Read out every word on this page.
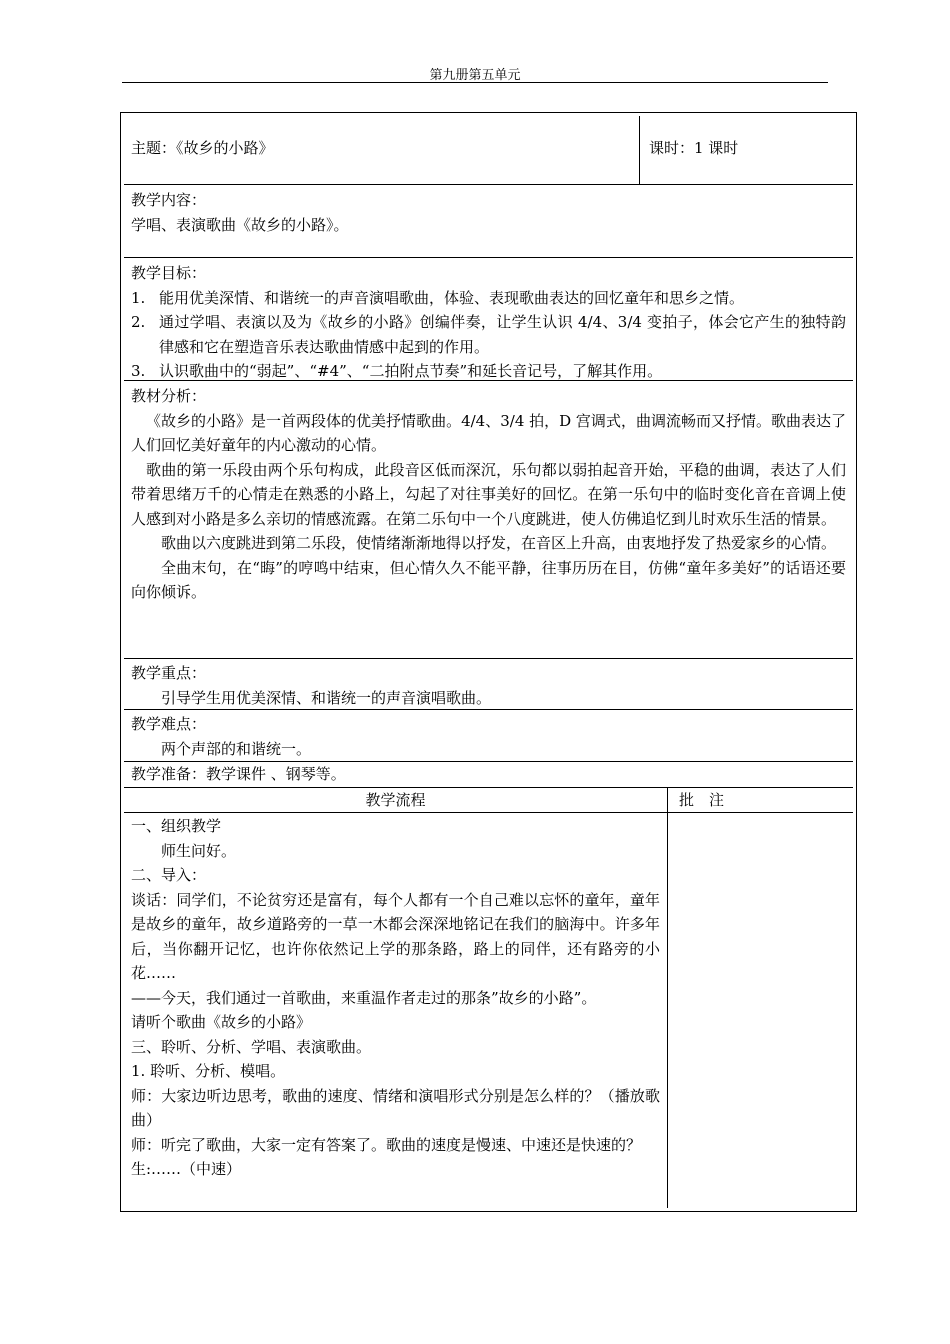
第九册第五单元
主题：《故乡的小路》	课时：1 课时
教学内容：
学唱、表演歌曲《故乡的小路》。
教学目标：
1. 能用优美深情、和谐统一的声音演唱歌曲，体验、表现歌曲表达的回忆童年和思乡之情。
2. 通过学唱、表演以及为《故乡的小路》创编伴奏，让学生认识 4/4、3/4 变拍子，体会它产生的独特韵律感和它在塑造音乐表达歌曲情感中起到的作用。
3. 认识歌曲中的“弱起”、“#4”、“二拍附点节奏”和延长音记号，了解其作用。
教材分析：
《故乡的小路》是一首两段体的优美抒情歌曲。4/4、3/4 拍，D 宫调式，曲调流畅而又抒情。歌曲表达了人们回忆美好童年的内心激动的心情。
歌曲的第一乐段由两个乐句构成，此段音区低而深沉，乐句都以弱拍起音开始，平稳的曲调，表达了人们带着思绪万千的心情走在熟悉的小路上，勾起了对往事美好的回忆。在第一乐句中的临时变化音在音调上使人感到对小路是多么亲切的情感流露。在第二乐句中一个八度跳进，使人仿佛追忆到儿时欢乐生活的情景。
歌曲以六度跳进到第二乐段，使情绪渐渐地得以抒发，在音区上升高，由衷地抒发了热爱家乡的心情。
全曲末句，在“晦”的哼鸣中结束，但心情久久不能平静，往事历历在目，仿佛“童年多美好”的话语还要向你倾诉。
教学重点：
引导学生用优美深情、和谐统一的声音演唱歌曲。
教学难点：
两个声部的和谐统一。
教学准备：教学课件 、钢琴等。
教学流程	批　注
一、组织教学
师生问好。
二、导入：
谈话：同学们，不论贫穷还是富有，每个人都有一个自己难以忘怀的童年，童年是故乡的童年，故乡道路旁的一草一木都会深深地铭记在我们的脑海中。许多年后，当你翻开记忆，也许你依然记上学的那条路，路上的同伴，还有路旁的小花……
——今天，我们通过一首歌曲，来重温作者走过的那条”故乡的小路”。
请听个歌曲《故乡的小路》
三、聆听、分析、学唱、表演歌曲。
1. 聆听、分析、模唱。
师：大家边听边思考，歌曲的速度、情绪和演唱形式分别是怎么样的？（播放歌曲）
师：听完了歌曲，大家一定有答案了。歌曲的速度是慢速、中速还是快速的？
生:……（中速）
